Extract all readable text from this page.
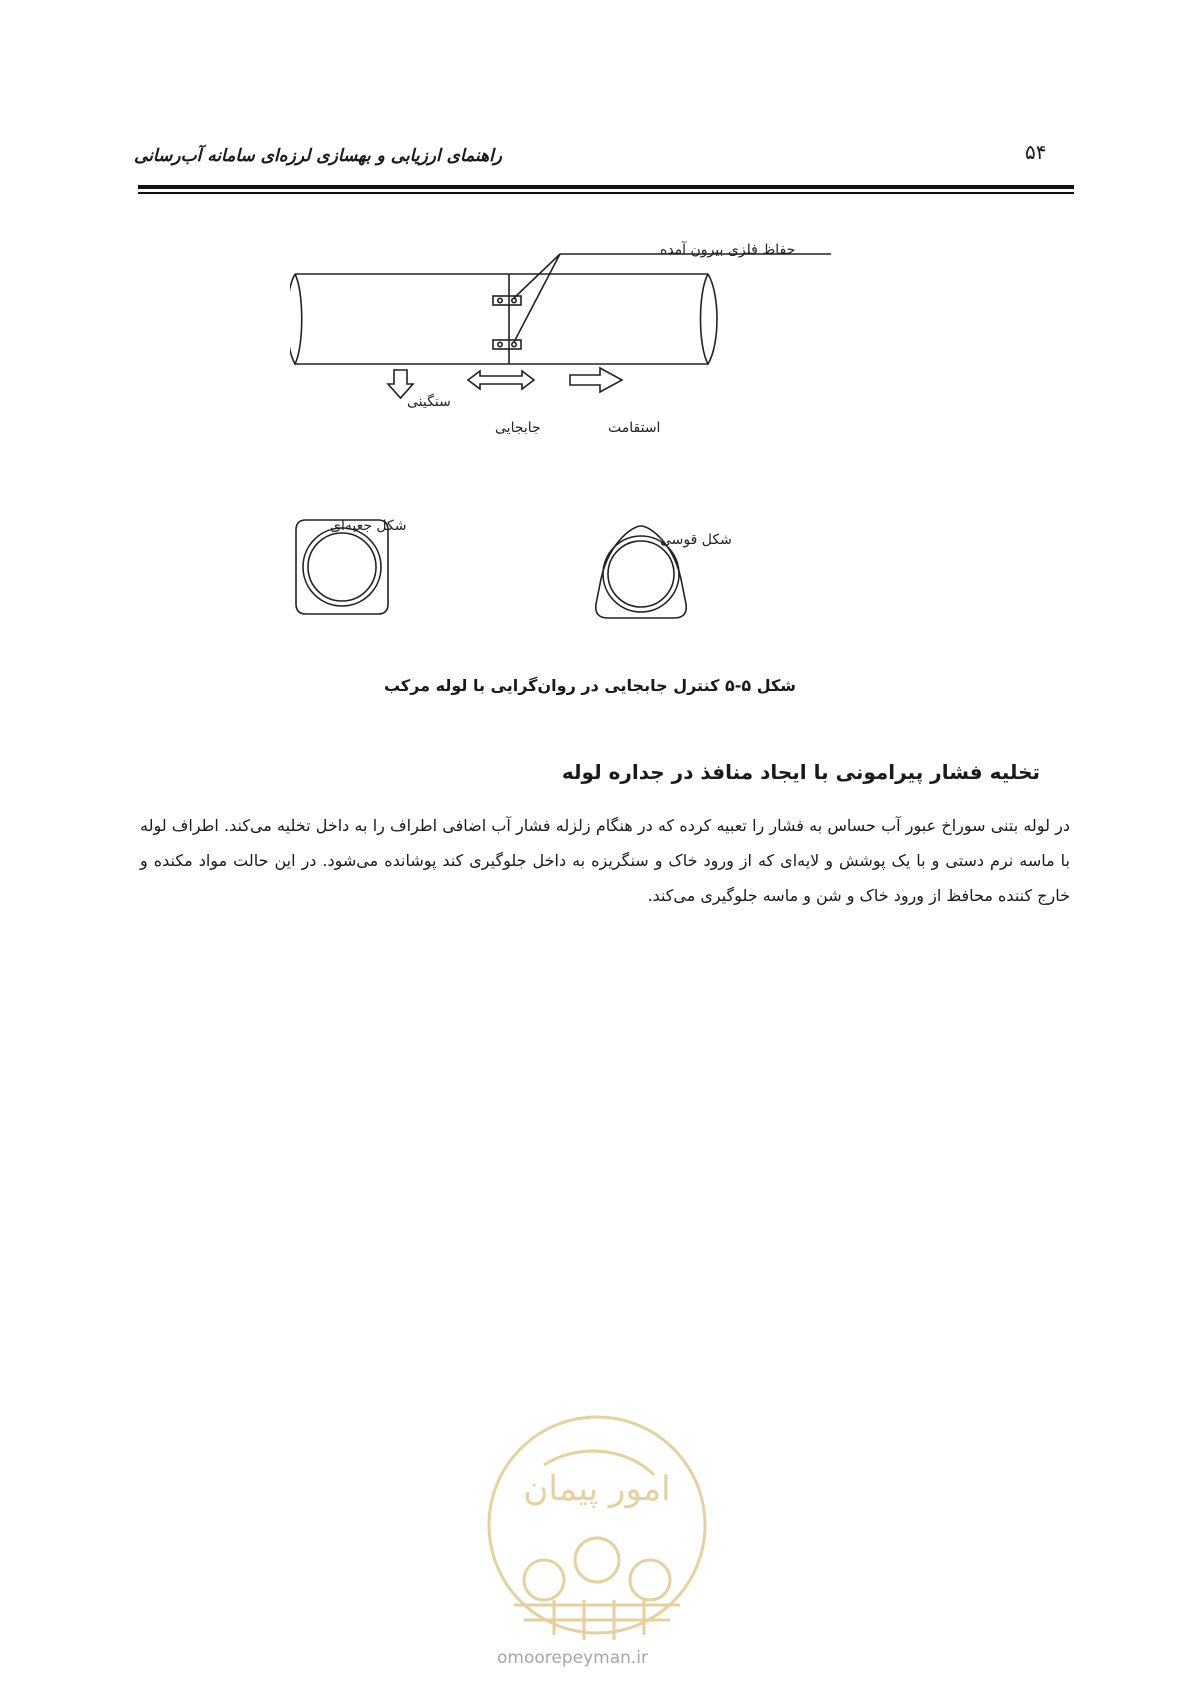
۵۴
راهنمای ارزیابی و بهسازی لرزه‌ای سامانه آب‌رسانی
حفاظ فلزی بیرون آمده
سنگینی
جابجایی	استقامت
شکل جعبه‌ای
شکل قوسی
شکل ۵-۵ کنترل جابجایی در روان‌گرایی با لوله مرکب
تخلیه فشار پیرامونی با ایجاد منافذ در جداره لوله

در لوله بتنی سوراخ عبور آب حساس به فشار را تعبیه کرده که در هنگام زلزله فشار آب اضافی اطراف را به داخل تخلیه می‌کند. اطراف لوله با ماسه نرم دستی و با یک پوشش و لایه‌ای که از ورود خاک و سنگریزه به داخل جلوگیری کند پوشانده می‌شود. در این حالت مواد مکنده و خارج کننده محافظ از ورود خاک و شن و ماسه جلوگیری می‌کند.

امور پیمان
omoorepeyman.ir
